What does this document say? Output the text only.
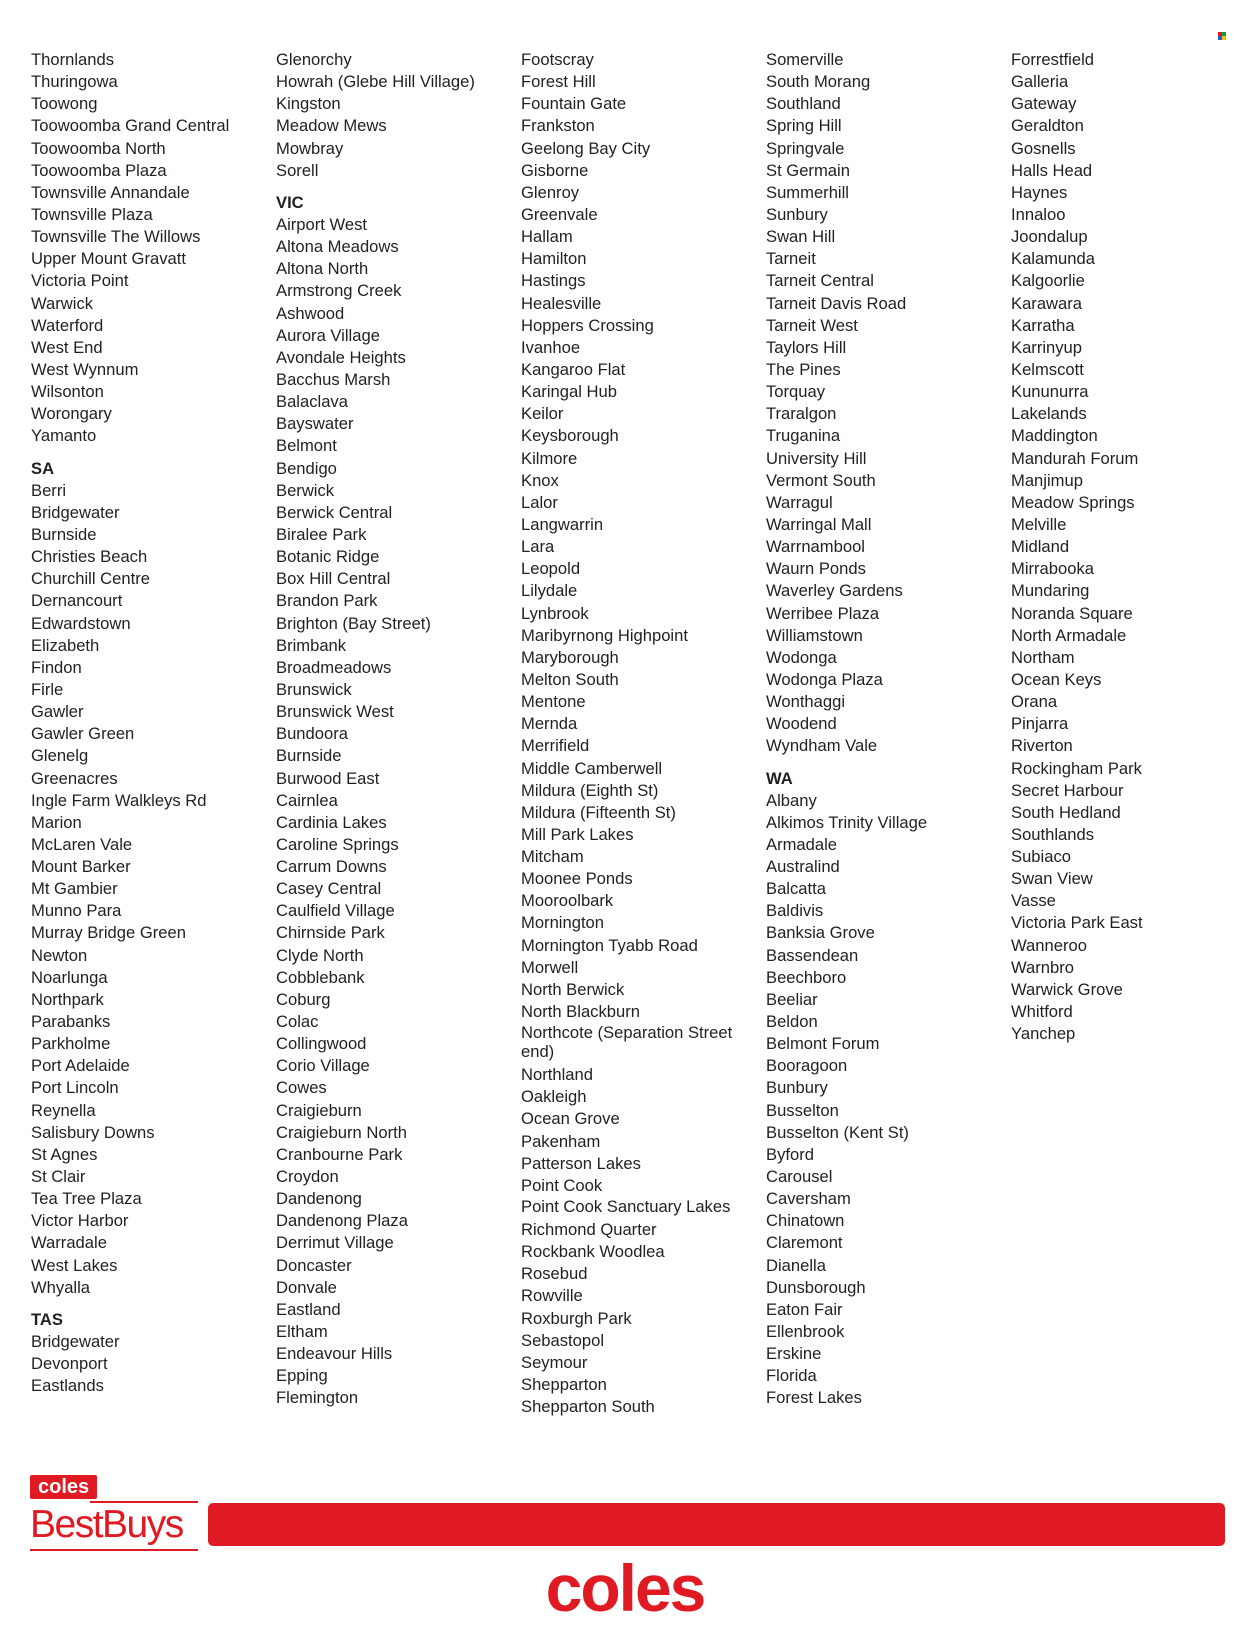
Thornlands
Thuringowa
Toowong
Toowoomba Grand Central
Toowoomba North
Toowoomba Plaza
Townsville Annandale
Townsville Plaza
Townsville The Willows
Upper Mount Gravatt
Victoria Point
Warwick
Waterford
West End
West Wynnum
Wilsonton
Worongary
Yamanto
SA
Berri
Bridgewater
Burnside
Christies Beach
Churchill Centre
Dernancourt
Edwardstown
Elizabeth
Findon
Firle
Gawler
Gawler Green
Glenelg
Greenacres
Ingle Farm Walkleys Rd
Marion
McLaren Vale
Mount Barker
Mt Gambier
Munno Para
Murray Bridge Green
Newton
Noarlunga
Northpark
Parabanks
Parkholme
Port Adelaide
Port Lincoln
Reynella
Salisbury Downs
St Agnes
St Clair
Tea Tree Plaza
Victor Harbor
Warradale
West Lakes
Whyalla
TAS
Bridgewater
Devonport
Eastlands
Glenorchy
Howrah (Glebe Hill Village)
Kingston
Meadow Mews
Mowbray
Sorell
VIC
Airport West
Altona Meadows
Altona North
Armstrong Creek
Ashwood
Aurora Village
Avondale Heights
Bacchus Marsh
Balaclava
Bayswater
Belmont
Bendigo
Berwick
Berwick Central
Biralee Park
Botanic Ridge
Box Hill Central
Brandon Park
Brighton (Bay Street)
Brimbank
Broadmeadows
Brunswick
Brunswick West
Bundoora
Burnside
Burwood East
Cairnlea
Cardinia Lakes
Caroline Springs
Carrum Downs
Casey Central
Caulfield Village
Chirnside Park
Clyde North
Cobblebank
Coburg
Colac
Collingwood
Corio Village
Cowes
Craigieburn
Craigieburn North
Cranbourne Park
Croydon
Dandenong
Dandenong Plaza
Derrimut Village
Doncaster
Donvale
Eastland
Eltham
Endeavour Hills
Epping
Flemington
Footscray
Forest Hill
Fountain Gate
Frankston
Geelong Bay City
Gisborne
Glenroy
Greenvale
Hallam
Hamilton
Hastings
Healesville
Hoppers Crossing
Ivanhoe
Kangaroo Flat
Karingal Hub
Keilor
Keysborough
Kilmore
Knox
Lalor
Langwarrin
Lara
Leopold
Lilydale
Lynbrook
Maribyrnong Highpoint
Maryborough
Melton South
Mentone
Mernda
Merrifield
Middle Camberwell
Mildura (Eighth St)
Mildura (Fifteenth St)
Mill Park Lakes
Mitcham
Moonee Ponds
Mooroolbark
Mornington
Mornington Tyabb Road
Morwell
North Berwick
North Blackburn
Northcote (Separation Street end)
Northland
Oakleigh
Ocean Grove
Pakenham
Patterson Lakes
Point Cook
Point Cook Sanctuary Lakes
Richmond Quarter
Rockbank Woodlea
Rosebud
Rowville
Roxburgh Park
Sebastopol
Seymour
Shepparton
Shepparton South
Somerville
South Morang
Southland
Spring Hill
Springvale
St Germain
Summerhill
Sunbury
Swan Hill
Tarneit
Tarneit Central
Tarneit Davis Road
Tarneit West
Taylors Hill
The Pines
Torquay
Traralgon
Truganina
University Hill
Vermont South
Warragul
Warringal Mall
Warrnambool
Waurn Ponds
Waverley Gardens
Werribee Plaza
Williamstown
Wodonga
Wodonga Plaza
Wonthaggi
Woodend
Wyndham Vale
WA
Albany
Alkimos Trinity Village
Armadale
Australind
Balcatta
Baldivis
Banksia Grove
Bassendean
Beechboro
Beeliar
Beldon
Belmont Forum
Booragoon
Bunbury
Busselton
Busselton (Kent St)
Byford
Carousel
Caversham
Chinatown
Claremont
Dianella
Dunsborough
Eaton Fair
Ellenbrook
Erskine
Florida
Forest Lakes
Forrestfield
Galleria
Gateway
Geraldton
Gosnells
Halls Head
Haynes
Innaloo
Joondalup
Kalamunda
Kalgoorlie
Karawara
Karratha
Karrinyup
Kelmscott
Kununurra
Lakelands
Maddington
Mandurah Forum
Manjimup
Meadow Springs
Melville
Midland
Mirrabooka
Mundaring
Noranda Square
North Armadale
Northam
Ocean Keys
Orana
Pinjarra
Riverton
Rockingham Park
Secret Harbour
South Hedland
Southlands
Subiaco
Swan View
Vasse
Victoria Park East
Wanneroo
Warnbro
Warwick Grove
Whitford
Yanchep
coles
BestBuys
coles
